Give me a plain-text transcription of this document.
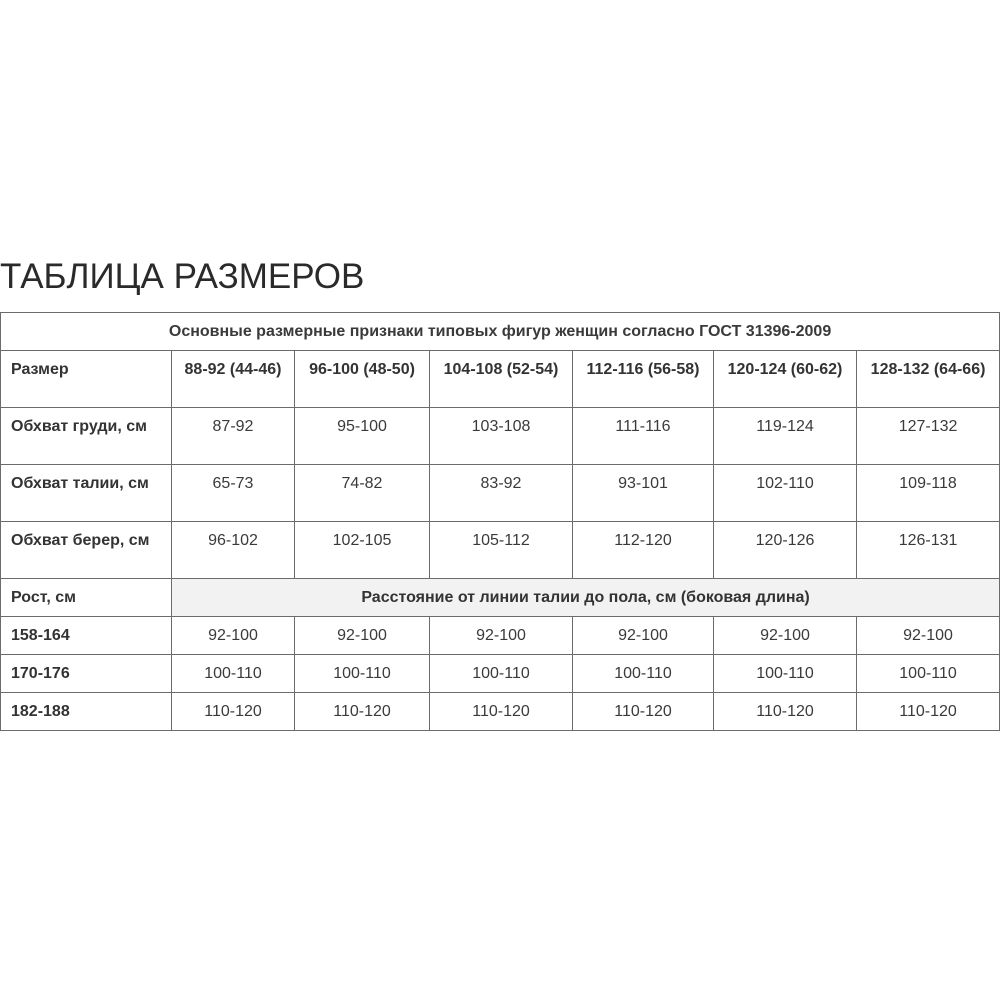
ТАБЛИЦА РАЗМЕРОВ
Основные размерные признаки типовых фигур женщин согласно ГОСТ 31396-2009						

Размер	88-92 (44-46)	96-100 (48-50)	104-108 (52-54)	112-116 (56-58)	120-124 (60-62)	128-132 (64-66)
Обхват груди, см	87-92	95-100	103-108	111-116	119-124	127-132
Обхват талии, см	65-73	74-82	83-92	93-101	102-110	109-118
Обхват берер, см	96-102	102-105	105-112	112-120	120-126	126-131
Рост, см	Расстояние от линии талии до пола, см (боковая длина)					
158-164	92-100	92-100	92-100	92-100	92-100	92-100
170-176	100-110	100-110	100-110	100-110	100-110	100-110
182-188	110-120	110-120	110-120	110-120	110-120	110-120
